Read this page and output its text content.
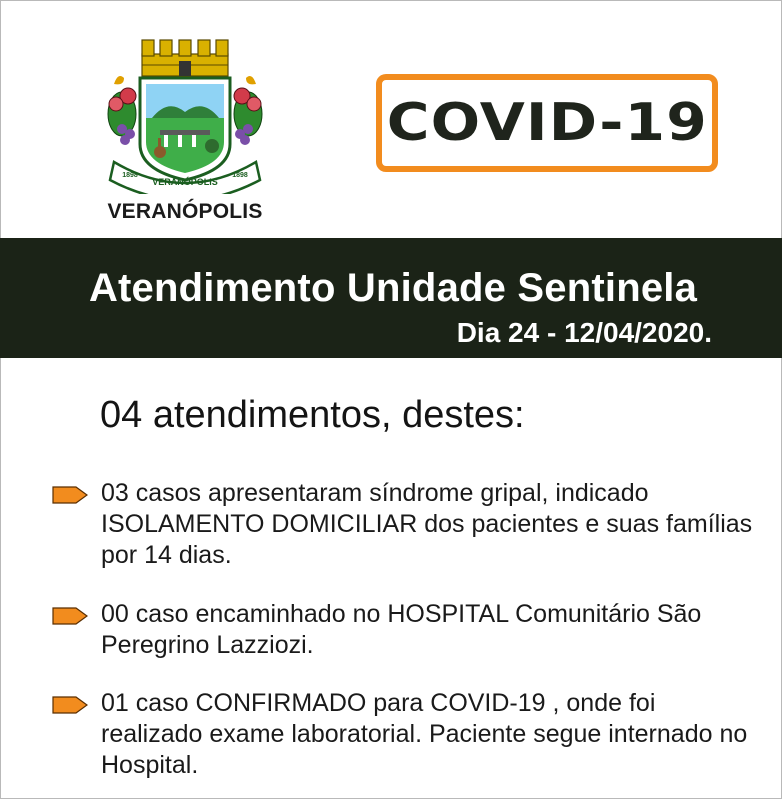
VERANÓPOLIS
1898	1898
VERANÓPOLIS
COVID-19
Atendimento Unidade Sentinela
Dia 24 - 12/04/2020.
04 atendimentos, destes:

03 casos apresentaram síndrome gripal, indicado ISOLAMENTO DOMICILIAR dos pacientes e suas famílias por 14 dias.

00 caso encaminhado no HOSPITAL Comunitário São Peregrino Lazziozi.

01 caso CONFIRMADO para COVID-19 , onde foi realizado exame laboratorial. Paciente segue internado no Hospital.
